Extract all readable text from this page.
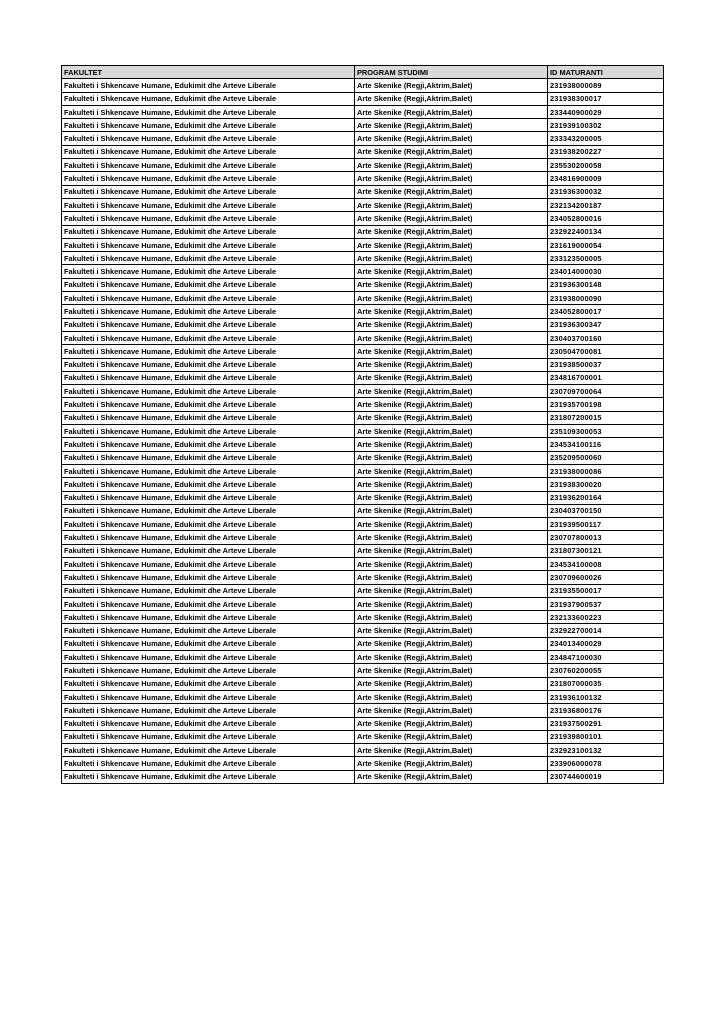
FAKULTET	PROGRAM STUDIMI	ID MATURANTI
Fakulteti i Shkencave Humane, Edukimit dhe Arteve Liberale	Arte Skenike (Regji,Aktrim,Balet)	231938000089
Fakulteti i Shkencave Humane, Edukimit dhe Arteve Liberale	Arte Skenike (Regji,Aktrim,Balet)	231938300017
Fakulteti i Shkencave Humane, Edukimit dhe Arteve Liberale	Arte Skenike (Regji,Aktrim,Balet)	233440900029
Fakulteti i Shkencave Humane, Edukimit dhe Arteve Liberale	Arte Skenike (Regji,Aktrim,Balet)	231939100302
Fakulteti i Shkencave Humane, Edukimit dhe Arteve Liberale	Arte Skenike (Regji,Aktrim,Balet)	233343200005
Fakulteti i Shkencave Humane, Edukimit dhe Arteve Liberale	Arte Skenike (Regji,Aktrim,Balet)	231938200227
Fakulteti i Shkencave Humane, Edukimit dhe Arteve Liberale	Arte Skenike (Regji,Aktrim,Balet)	235530200058
Fakulteti i Shkencave Humane, Edukimit dhe Arteve Liberale	Arte Skenike (Regji,Aktrim,Balet)	234816900009
Fakulteti i Shkencave Humane, Edukimit dhe Arteve Liberale	Arte Skenike (Regji,Aktrim,Balet)	231936300032
Fakulteti i Shkencave Humane, Edukimit dhe Arteve Liberale	Arte Skenike (Regji,Aktrim,Balet)	232134200187
Fakulteti i Shkencave Humane, Edukimit dhe Arteve Liberale	Arte Skenike (Regji,Aktrim,Balet)	234052800016
Fakulteti i Shkencave Humane, Edukimit dhe Arteve Liberale	Arte Skenike (Regji,Aktrim,Balet)	232922400134
Fakulteti i Shkencave Humane, Edukimit dhe Arteve Liberale	Arte Skenike (Regji,Aktrim,Balet)	231619000054
Fakulteti i Shkencave Humane, Edukimit dhe Arteve Liberale	Arte Skenike (Regji,Aktrim,Balet)	233123500005
Fakulteti i Shkencave Humane, Edukimit dhe Arteve Liberale	Arte Skenike (Regji,Aktrim,Balet)	234014000030
Fakulteti i Shkencave Humane, Edukimit dhe Arteve Liberale	Arte Skenike (Regji,Aktrim,Balet)	231936300148
Fakulteti i Shkencave Humane, Edukimit dhe Arteve Liberale	Arte Skenike (Regji,Aktrim,Balet)	231938000090
Fakulteti i Shkencave Humane, Edukimit dhe Arteve Liberale	Arte Skenike (Regji,Aktrim,Balet)	234052800017
Fakulteti i Shkencave Humane, Edukimit dhe Arteve Liberale	Arte Skenike (Regji,Aktrim,Balet)	231936300347
Fakulteti i Shkencave Humane, Edukimit dhe Arteve Liberale	Arte Skenike (Regji,Aktrim,Balet)	230403700160
Fakulteti i Shkencave Humane, Edukimit dhe Arteve Liberale	Arte Skenike (Regji,Aktrim,Balet)	230504700081
Fakulteti i Shkencave Humane, Edukimit dhe Arteve Liberale	Arte Skenike (Regji,Aktrim,Balet)	231938500037
Fakulteti i Shkencave Humane, Edukimit dhe Arteve Liberale	Arte Skenike (Regji,Aktrim,Balet)	234816700001
Fakulteti i Shkencave Humane, Edukimit dhe Arteve Liberale	Arte Skenike (Regji,Aktrim,Balet)	230709700064
Fakulteti i Shkencave Humane, Edukimit dhe Arteve Liberale	Arte Skenike (Regji,Aktrim,Balet)	231935700198
Fakulteti i Shkencave Humane, Edukimit dhe Arteve Liberale	Arte Skenike (Regji,Aktrim,Balet)	231807200015
Fakulteti i Shkencave Humane, Edukimit dhe Arteve Liberale	Arte Skenike (Regji,Aktrim,Balet)	235109300053
Fakulteti i Shkencave Humane, Edukimit dhe Arteve Liberale	Arte Skenike (Regji,Aktrim,Balet)	234534100116
Fakulteti i Shkencave Humane, Edukimit dhe Arteve Liberale	Arte Skenike (Regji,Aktrim,Balet)	235209500060
Fakulteti i Shkencave Humane, Edukimit dhe Arteve Liberale	Arte Skenike (Regji,Aktrim,Balet)	231938000086
Fakulteti i Shkencave Humane, Edukimit dhe Arteve Liberale	Arte Skenike (Regji,Aktrim,Balet)	231938300020
Fakulteti i Shkencave Humane, Edukimit dhe Arteve Liberale	Arte Skenike (Regji,Aktrim,Balet)	231936200164
Fakulteti i Shkencave Humane, Edukimit dhe Arteve Liberale	Arte Skenike (Regji,Aktrim,Balet)	230403700150
Fakulteti i Shkencave Humane, Edukimit dhe Arteve Liberale	Arte Skenike (Regji,Aktrim,Balet)	231939500117
Fakulteti i Shkencave Humane, Edukimit dhe Arteve Liberale	Arte Skenike (Regji,Aktrim,Balet)	230707800013
Fakulteti i Shkencave Humane, Edukimit dhe Arteve Liberale	Arte Skenike (Regji,Aktrim,Balet)	231807300121
Fakulteti i Shkencave Humane, Edukimit dhe Arteve Liberale	Arte Skenike (Regji,Aktrim,Balet)	234534100008
Fakulteti i Shkencave Humane, Edukimit dhe Arteve Liberale	Arte Skenike (Regji,Aktrim,Balet)	230709600026
Fakulteti i Shkencave Humane, Edukimit dhe Arteve Liberale	Arte Skenike (Regji,Aktrim,Balet)	231935500017
Fakulteti i Shkencave Humane, Edukimit dhe Arteve Liberale	Arte Skenike (Regji,Aktrim,Balet)	231937900537
Fakulteti i Shkencave Humane, Edukimit dhe Arteve Liberale	Arte Skenike (Regji,Aktrim,Balet)	232133600223
Fakulteti i Shkencave Humane, Edukimit dhe Arteve Liberale	Arte Skenike (Regji,Aktrim,Balet)	232922700014
Fakulteti i Shkencave Humane, Edukimit dhe Arteve Liberale	Arte Skenike (Regji,Aktrim,Balet)	234013400029
Fakulteti i Shkencave Humane, Edukimit dhe Arteve Liberale	Arte Skenike (Regji,Aktrim,Balet)	234847100030
Fakulteti i Shkencave Humane, Edukimit dhe Arteve Liberale	Arte Skenike (Regji,Aktrim,Balet)	230760200055
Fakulteti i Shkencave Humane, Edukimit dhe Arteve Liberale	Arte Skenike (Regji,Aktrim,Balet)	231807000035
Fakulteti i Shkencave Humane, Edukimit dhe Arteve Liberale	Arte Skenike (Regji,Aktrim,Balet)	231936100132
Fakulteti i Shkencave Humane, Edukimit dhe Arteve Liberale	Arte Skenike (Regji,Aktrim,Balet)	231936800176
Fakulteti i Shkencave Humane, Edukimit dhe Arteve Liberale	Arte Skenike (Regji,Aktrim,Balet)	231937500291
Fakulteti i Shkencave Humane, Edukimit dhe Arteve Liberale	Arte Skenike (Regji,Aktrim,Balet)	231939800101
Fakulteti i Shkencave Humane, Edukimit dhe Arteve Liberale	Arte Skenike (Regji,Aktrim,Balet)	232923100132
Fakulteti i Shkencave Humane, Edukimit dhe Arteve Liberale	Arte Skenike (Regji,Aktrim,Balet)	233906000078
Fakulteti i Shkencave Humane, Edukimit dhe Arteve Liberale	Arte Skenike (Regji,Aktrim,Balet)	230744600019
